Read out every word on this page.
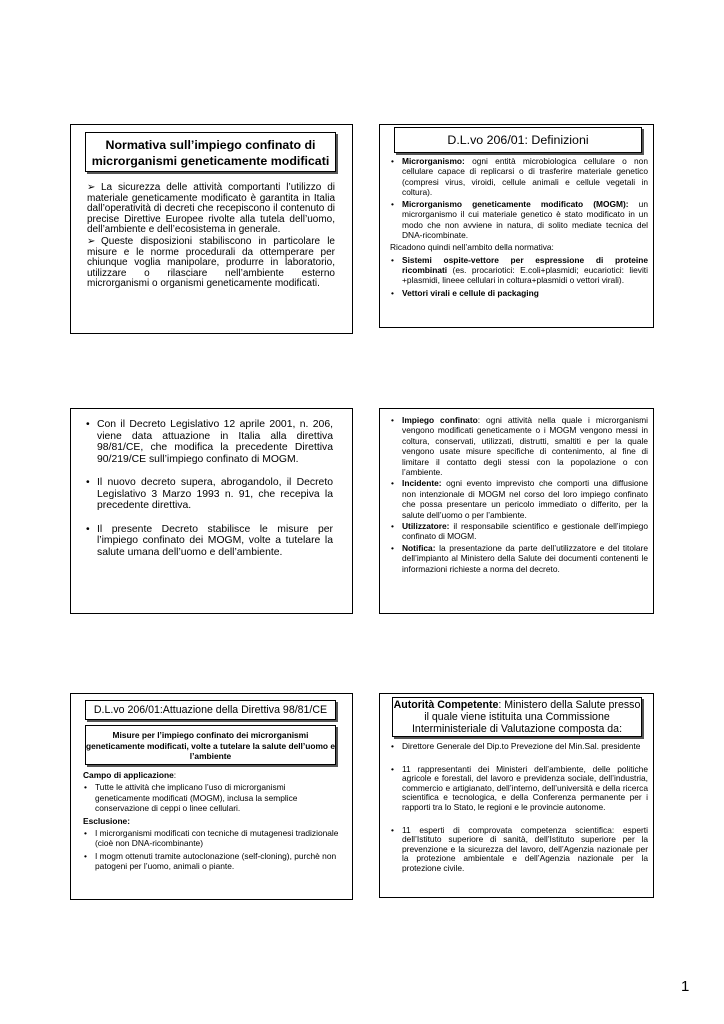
Normativa sull’impiego confinato di microrganismi geneticamente modificati
➢ La sicurezza delle attività comportanti l’utilizzo di materiale geneticamente modificato è garantita in Italia dall’operatività di decreti che recepiscono il contenuto di precise Direttive Europee rivolte alla tutela dell’uomo, dell’ambiente e dell’ecosistema in generale.
➢ Queste disposizioni stabiliscono in particolare le misure e le norme procedurali da ottemperare per chiunque voglia manipolare, produrre in laboratorio, utilizzare o rilasciare nell’ambiente esterno microrganismi o organismi geneticamente modificati.
D.L.vo 206/01: Definizioni
• Microrganismo: ogni entità microbiologica cellulare o non cellulare capace di replicarsi o di trasferire materiale genetico (compresi virus, viroidi, cellule animali e cellule vegetali in coltura).
• Microrganismo geneticamente modificato (MOGM): un microrganismo il cui materiale genetico è stato modificato in un modo che non avviene in natura, di solito mediate tecnica del DNA-ricombinate.
Ricadono quindi nell’ambito della normativa:
• Sistemi ospite-vettore per espressione di proteine ricombinati (es. procariotici: E.coli+plasmidi; eucariotici: lieviti +plasmidi, lineee cellulari in coltura+plasmidi o vettori virali).
• Vettori virali e cellule di packaging
• Con il Decreto Legislativo 12 aprile 2001, n. 206, viene data attuazione in Italia alla direttiva 98/81/CE, che modifica la precedente Direttiva 90/219/CE sull’impiego confinato di MOGM.
• Il nuovo decreto supera, abrogandolo, il Decreto Legislativo 3 Marzo 1993 n. 91, che recepiva la precedente direttiva.
• Il presente Decreto stabilisce le misure per l’impiego confinato dei MOGM, volte a tutelare la salute umana dell’uomo e dell’ambiente.
• Impiego confinato: ogni attività nella quale i microrganismi vengono modificati geneticamente o i MOGM vengono messi in coltura, conservati, utilizzati, distrutti, smaltiti e per la quale vengono usate misure specifiche di contenimento, al fine di limitare il contatto degli stessi con la popolazione o con l’ambiente.
• Incidente: ogni evento imprevisto che comporti una diffusione non intenzionale di MOGM nel corso del loro impiego confinato che possa presentare un pericolo immediato o differito, per la salute dell’uomo o per l’ambiente.
• Utilizzatore: il responsabile scientifico e gestionale dell’impiego confinato di MOGM.
• Notifica: la presentazione da parte dell’utilizzatore e del titolare dell’impianto al Ministero della Salute dei documenti contenenti le informazioni richieste a norma del decreto.
D.L.vo 206/01:Attuazione della Direttiva 98/81/CE
Misure per l’impiego confinato dei microrganismi geneticamente modificati, volte a tutelare la salute dell’uomo e l’ambiente
Campo di applicazione:
• Tutte le attività che implicano l’uso di microrganismi geneticamente modificati (MOGM), inclusa la semplice conservazione di ceppi o linee cellulari.
Esclusione:
• I microrganismi modificati con tecniche di mutagenesi tradizionale (cioè non DNA-ricombinante)
• I mogm ottenuti tramite autoclonazione (self-cloning), purchè non patogeni per l’uomo, animali o piante.
Autorità Competente: Ministero della Salute presso il quale viene istituita una Commissione Interministeriale di Valutazione composta da:
• Direttore Generale del Dip.to Prevezione del Min.Sal. presidente
• 11 rappresentanti dei Ministeri dell’ambiente, delle politiche agricole e forestali, del lavoro e previdenza sociale, dell’industria, commercio e artigianato, dell’interno, dell’università e della ricerca scientifica e tecnologica, e della Conferenza permanente per i rapporti tra lo Stato, le regioni e le provincie autonome.
• 11 esperti di comprovata competenza scientifica: esperti dell’Istituto superiore di sanità, dell’Istituto superiore per la prevenzione e la sicurezza del lavoro, dell’Agenzia nazionale per la protezione ambientale e dell’Agenzia nazionale per la protezione civile.
1
